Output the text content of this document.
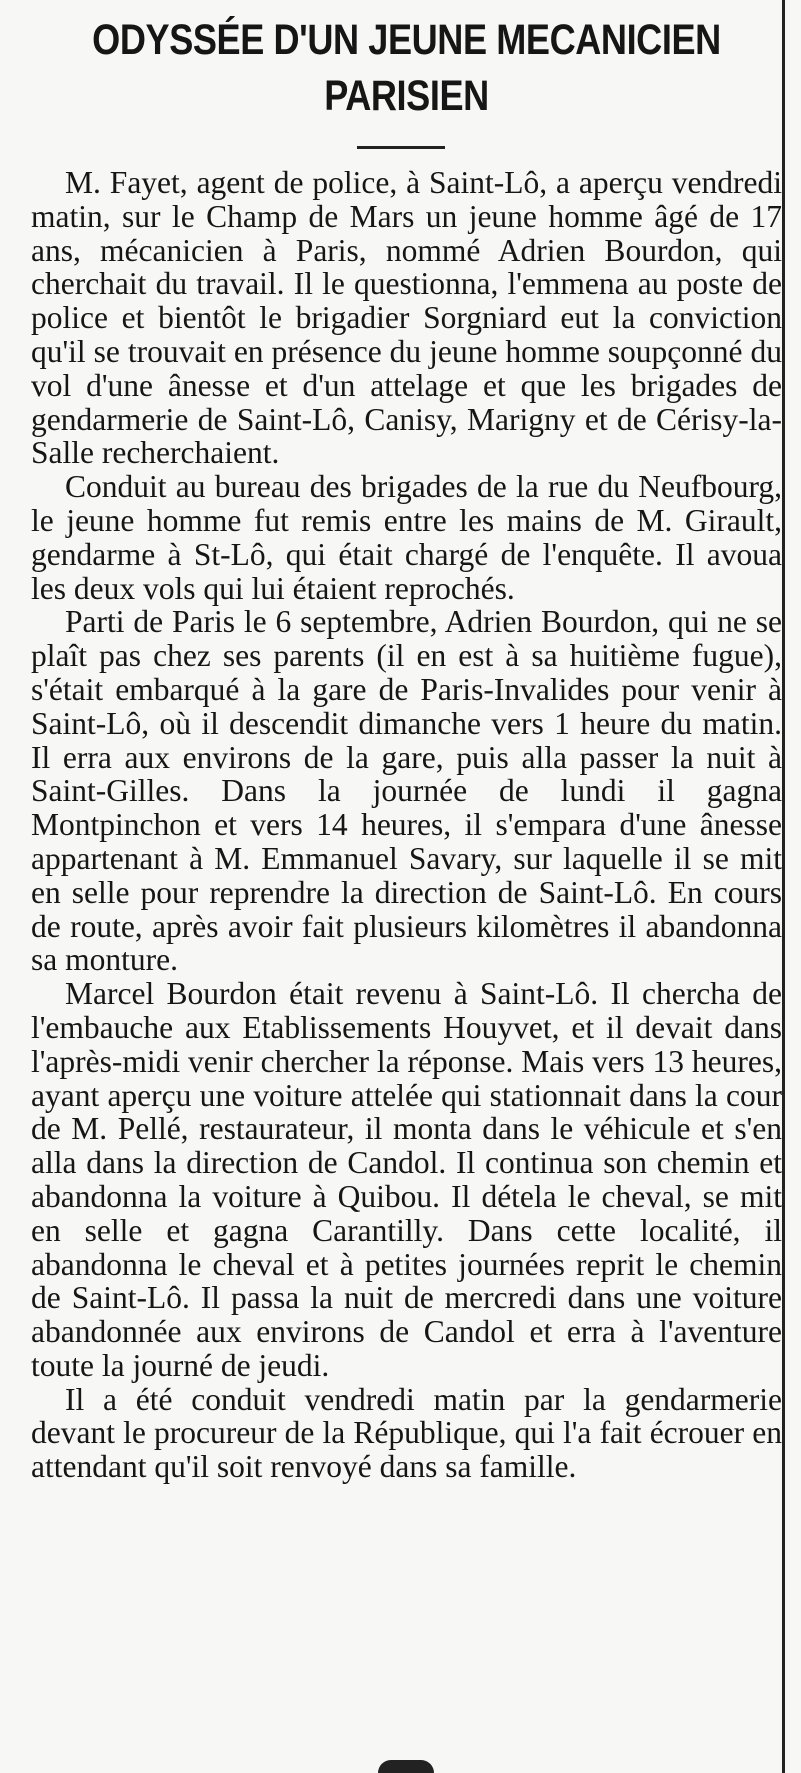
ODYSSÉE D'UN JEUNE MECANICIEN
PARISIEN

M. Fayet, agent de police, à Saint-Lô, a aperçu vendredi matin, sur le Champ de Mars un jeune homme âgé de 17 ans, mécanicien à Paris, nommé Adrien Bourdon, qui cherchait du travail. Il le questionna, l'emmena au poste de police et bientôt le brigadier Sorgniard eut la conviction qu'il se trouvait en présence du jeune homme soupçonné du vol d'une ânesse et d'un attelage et que les brigades de gendarmerie de Saint-Lô, Canisy, Marigny et de Cérisy-la-Salle recherchaient.

Conduit au bureau des brigades de la rue du Neufbourg, le jeune homme fut remis entre les mains de M. Girault, gendarme à St-Lô, qui était chargé de l'enquête. Il avoua les deux vols qui lui étaient reprochés.

Parti de Paris le 6 septembre, Adrien Bourdon, qui ne se plaît pas chez ses parents (il en est à sa huitième fugue), s'était embarqué à la gare de Paris-Invalides pour venir à Saint-Lô, où il descendit dimanche vers 1 heure du matin. Il erra aux environs de la gare, puis alla passer la nuit à Saint-Gilles. Dans la journée de lundi il gagna Montpinchon et vers 14 heures, il s'empara d'une ânesse appartenant à M. Emmanuel Savary, sur laquelle il se mit en selle pour reprendre la direction de Saint-Lô. En cours de route, après avoir fait plusieurs kilomètres il abandonna sa monture.

Marcel Bourdon était revenu à Saint-Lô. Il chercha de l'embauche aux Etablissements Houyvet, et il devait dans l'après-midi venir chercher la réponse. Mais vers 13 heures, ayant aperçu une voiture attelée qui stationnait dans la cour de M. Pellé, restaurateur, il monta dans le véhicule et s'en alla dans la direction de Candol. Il continua son chemin et abandonna la voiture à Quibou. Il détela le cheval, se mit en selle et gagna Carantilly. Dans cette localité, il abandonna le cheval et à petites journées reprit le chemin de Saint-Lô. Il passa la nuit de mercredi dans une voiture abandonnée aux environs de Candol et erra à l'aventure toute la journé de jeudi.

Il a été conduit vendredi matin par la gendarmerie devant le procureur de la République, qui l'a fait écrouer en attendant qu'il soit renvoyé dans sa famille.
